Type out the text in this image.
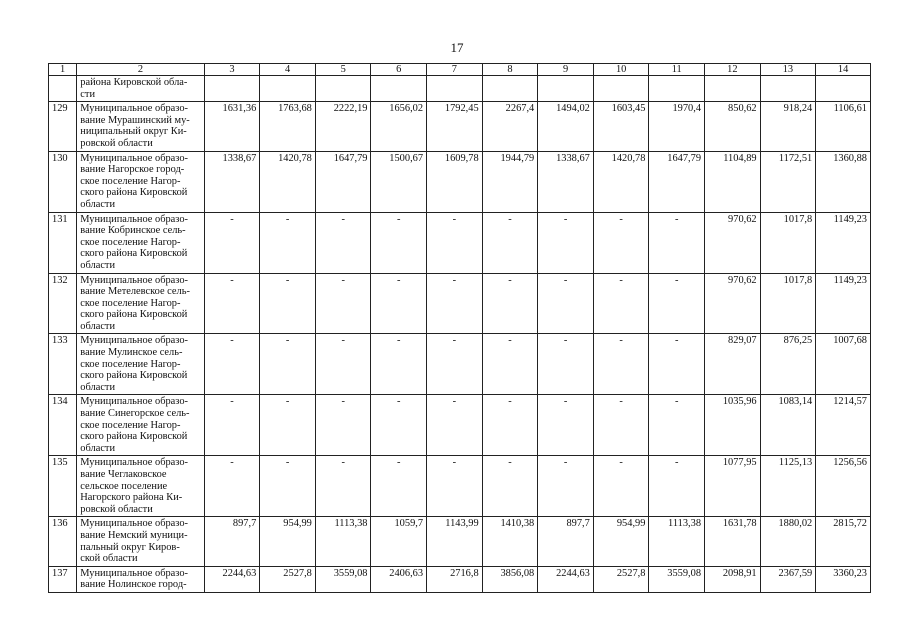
17
1	2	3	4	5	6	7	8	9	10	11	12	13	14

	района Кировской обла-
сти												

129	Муниципальное образо-
вание Мурашинский му-
ниципальный округ Ки-
ровской области	1631,36	1763,68	2222,19	1656,02	1792,45	2267,4	1494,02	1603,45	1970,4	850,62	918,24	1106,61
130	Муниципальное образо-
вание Нагорское город-
ское поселение Нагор-
ского района Кировской
области	1338,67	1420,78	1647,79	1500,67	1609,78	1944,79	1338,67	1420,78	1647,79	1104,89	1172,51	1360,88
131	Муниципальное образо-
вание Кобринское сель-
ское поселение Нагор-
ского района Кировской
области	-	-	-	-	-	-	-	-	-	970,62	1017,8	1149,23
132	Муниципальное образо-
вание Метелевское сель-
ское поселение Нагор-
ского района Кировской
области	-	-	-	-	-	-	-	-	-	970,62	1017,8	1149,23
133	Муниципальное образо-
вание Мулинское сель-
ское поселение Нагор-
ского района Кировской
области	-	-	-	-	-	-	-	-	-	829,07	876,25	1007,68
134	Муниципальное образо-
вание Синегорское сель-
ское поселение Нагор-
ского района Кировской
области	-	-	-	-	-	-	-	-	-	1035,96	1083,14	1214,57
135	Муниципальное образо-
вание Чеглаковское
сельское поселение
Нагорского района Ки-
ровской области	-	-	-	-	-	-	-	-	-	1077,95	1125,13	1256,56
136	Муниципальное образо-
вание Немский муници-
пальный округ Киров-
ской области	897,7	954,99	1113,38	1059,7	1143,99	1410,38	897,7	954,99	1113,38	1631,78	1880,02	2815,72
137	Муниципальное образо-
вание Нолинское город-	2244,63	2527,8	3559,08	2406,63	2716,8	3856,08	2244,63	2527,8	3559,08	2098,91	2367,59	3360,23
